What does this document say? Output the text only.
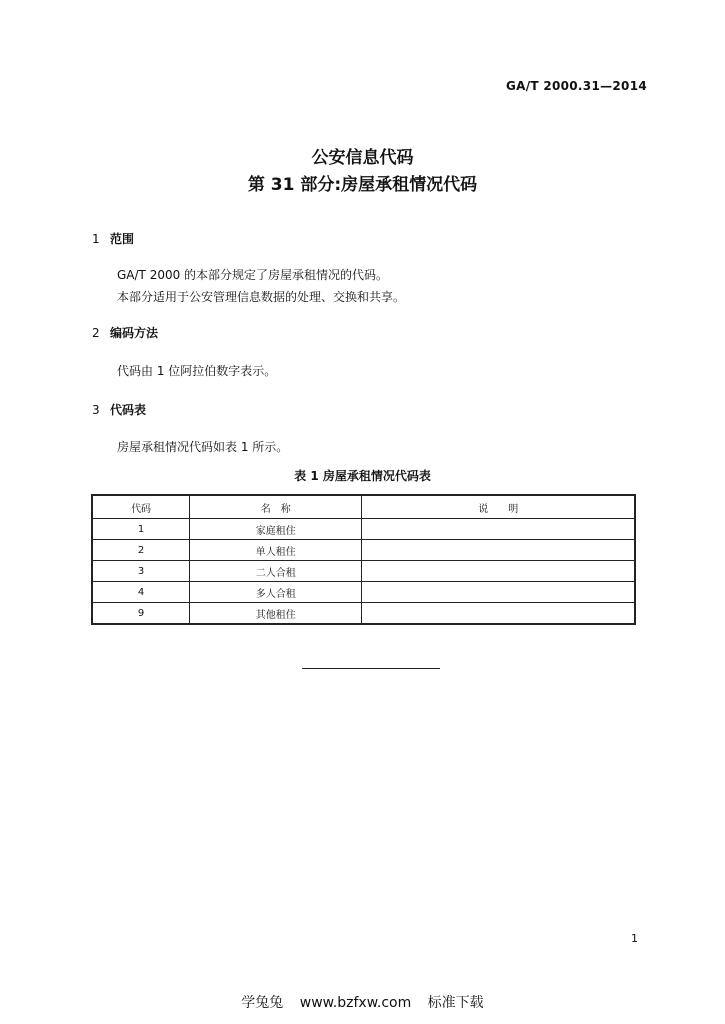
GA/T 2000.31—2014
公安信息代码
第 31 部分:房屋承租情况代码
1 范围
GA/T 2000 的本部分规定了房屋承租情况的代码。
本部分适用于公安管理信息数据的处理、交换和共享。
2 编码方法
代码由 1 位阿拉伯数字表示。
3 代码表
房屋承租情况代码如表 1 所示。
表 1 房屋承租情况代码表
代码	名　称	说　　明
1	家庭租住	
2	单人租住	
3	二人合租	
4	多人合租	
9	其他租住	
1
学兔兔 www.bzfxw.com 标准下载
